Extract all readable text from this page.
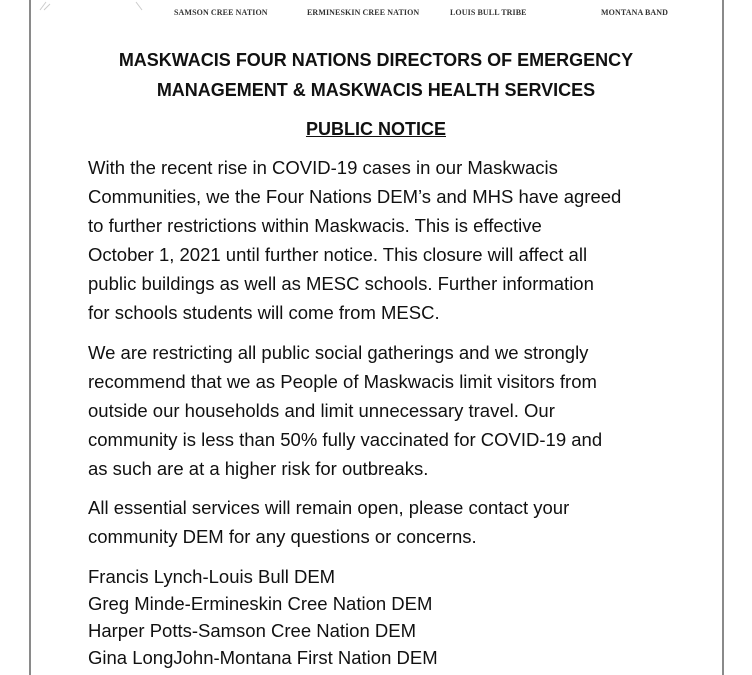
SAMSON CREE NATION	ERMINESKIN CREE NATION	LOUIS BULL TRIBE	MONTANA BAND
MASKWACIS FOUR NATIONS DIRECTORS OF EMERGENCY
MANAGEMENT & MASKWACIS HEALTH SERVICES
PUBLIC NOTICE
With the recent rise in COVID-19 cases in our Maskwacis
Communities, we the Four Nations DEM’s and MHS have agreed
to further restrictions within Maskwacis. This is effective
October 1, 2021 until further notice. This closure will affect all
public buildings as well as MESC schools. Further information
for schools students will come from MESC.
We are restricting all public social gatherings and we strongly
recommend that we as People of Maskwacis limit visitors from
outside our households and limit unnecessary travel. Our
community is less than 50% fully vaccinated for COVID-19 and
as such are at a higher risk for outbreaks.
All essential services will remain open, please contact your
community DEM for any questions or concerns.
Francis Lynch-Louis Bull DEM
Greg Minde-Ermineskin Cree Nation DEM
Harper Potts-Samson Cree Nation DEM
Gina LongJohn-Montana First Nation DEM
